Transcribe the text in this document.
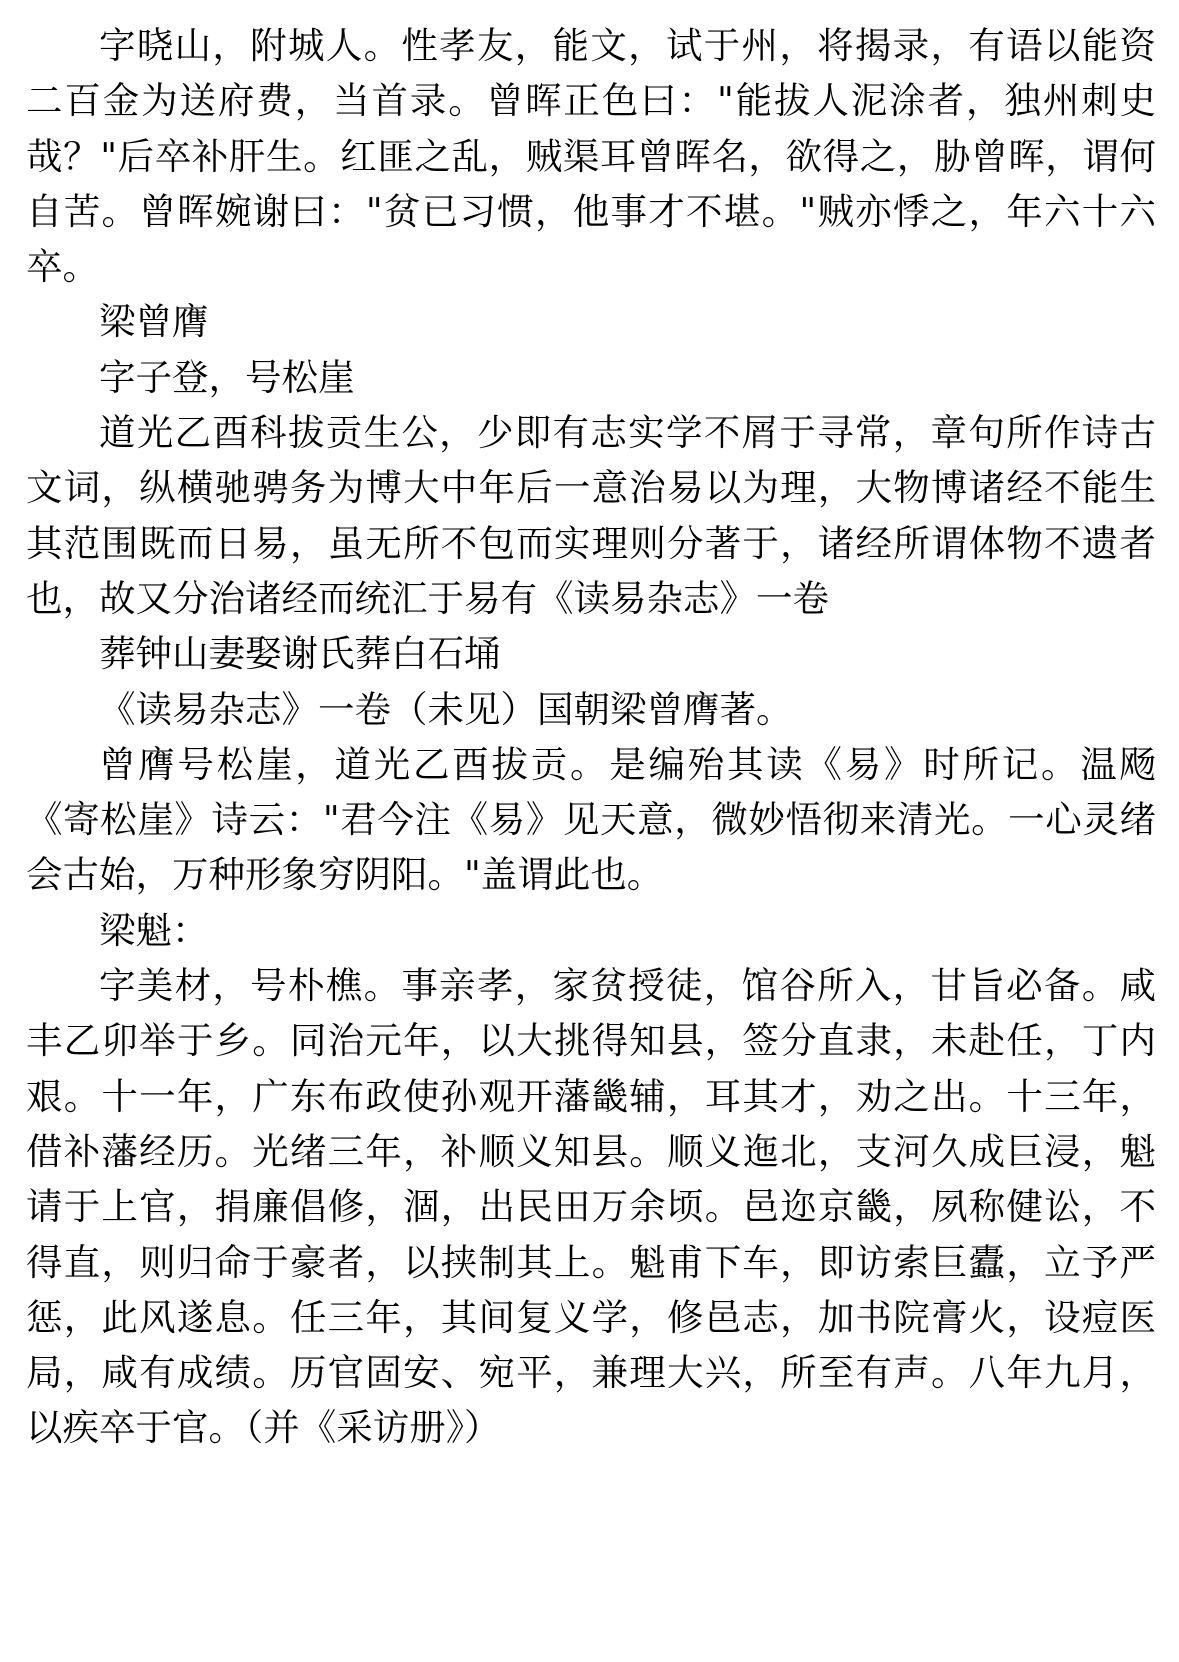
字晓山，附城人。性孝友，能文，试于州，将揭录，有语以能资二百金为送府费，当首录。曾晖正色曰："能拔人泥涂者，独州刺史哉？"后卒补肝生。红匪之乱，贼渠耳曾晖名，欲得之，胁曾晖，谓何自苦。曾晖婉谢曰："贫已习惯，他事才不堪。"贼亦悸之，年六十六卒。

梁曾膺

字子登，号松崖

道光乙酉科拔贡生公，少即有志实学不屑于寻常，章句所作诗古文词，纵横驰骋务为博大中年后一意治易以为理，大物博诸经不能生其范围既而日易，虽无所不包而实理则分著于，诸经所谓体物不遗者也，故又分治诸经而统汇于易有《读易杂志》一卷

葬钟山妻娶谢氏葬白石埇

《读易杂志》一卷（未见）国朝梁曾膺著。

曾膺号松崖，道光乙酉拔贡。是编殆其读《易》时所记。温飏《寄松崖》诗云："君今注《易》见天意，微妙悟彻来清光。一心灵绪会古始，万种形象穷阴阳。"盖谓此也。

梁魁：

字美材，号朴樵。事亲孝，家贫授徒，馆谷所入，甘旨必备。咸丰乙卯举于乡。同治元年，以大挑得知县，签分直隶，未赴任，丁内艰。十一年，广东布政使孙观开藩畿辅，耳其才，劝之出。十三年，借补藩经历。光绪三年，补顺义知县。顺义迤北，支河久成巨浸，魁请于上官，捐廉倡修，涸，出民田万余顷。邑迩京畿，夙称健讼，不得直，则归命于豪者，以挟制其上。魁甫下车，即访索巨蠹，立予严惩，此风遂息。任三年，其间复义学，修邑志，加书院膏火，设痘医局，咸有成绩。历官固安、宛平，兼理大兴，所至有声。八年九月，以疾卒于官。（并《采访册》）
